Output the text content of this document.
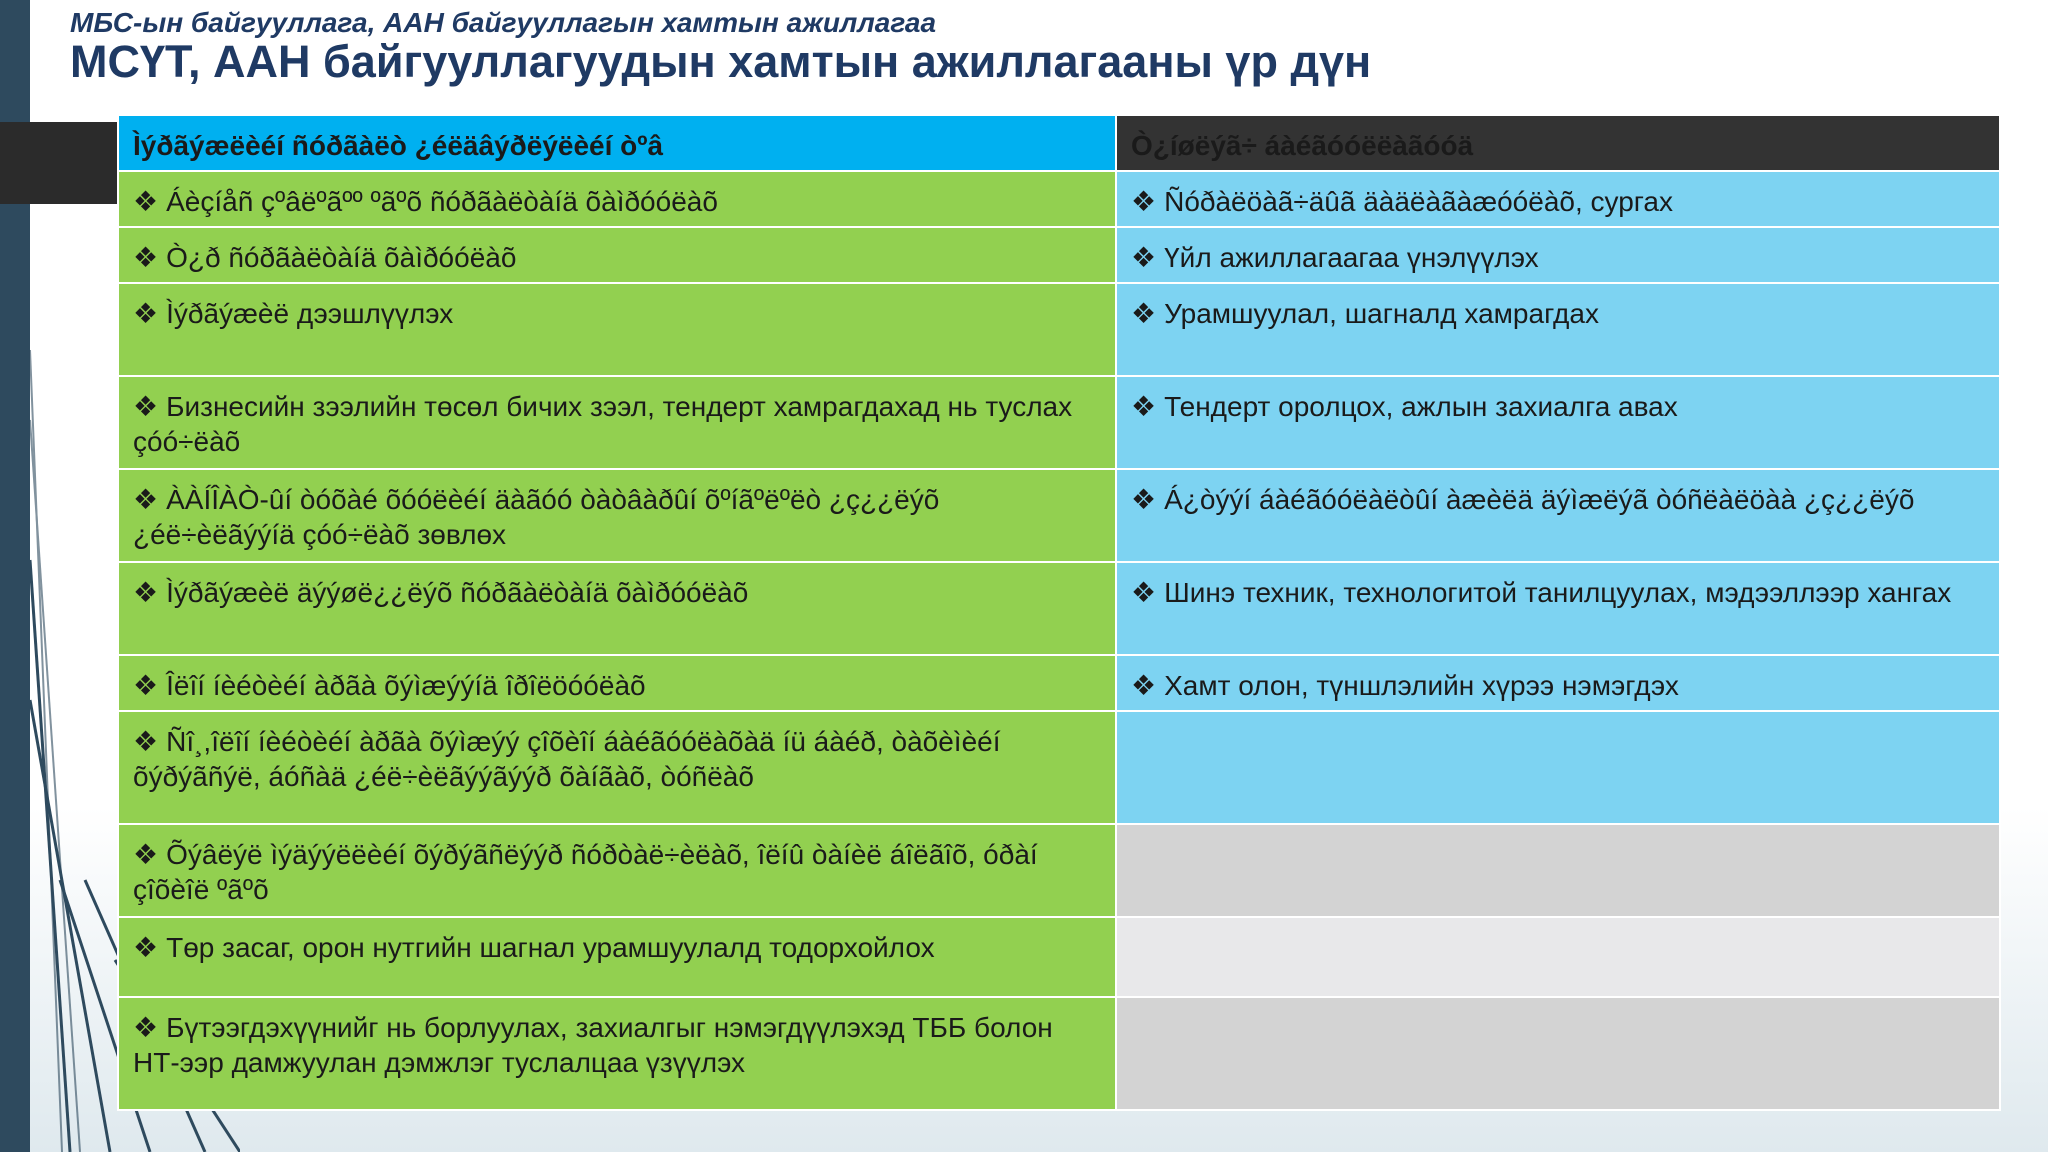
МБС-ын байгууллага, ААН байгууллагын хамтын ажиллагаа
МСҮТ, ААН байгууллагуудын хамтын ажиллагааны үр дүн
Ìýðãýæëèéí ñóðãàëò ¿éëäâýðëýëèéí òºâ	Ò¿íøëýã÷ áàéãóóëëàãóóä
❖ Áèçíåñ çºâëºãºº ºãºõ ñóðãàëòàíä õàìðóóëàõ	❖ Ñóðàëöàã÷äûã äàäëàãàæóóëàõ, сургах
❖ Ò¿ð ñóðãàëòàíä õàìðóóëàõ	❖ Үйл ажиллагаагаа үнэлүүлэх
❖ Ìýðãýæèë дээшлүүлэх	❖ Урамшуулал, шагналд хамрагдах
❖ Бизнесийн зээлийн төсөл бичих зээл, тендерт хамрагдахад нь туслах çóó÷ëàõ	❖ Тендерт оролцох, ажлын захиалга авах
❖ ÀÀÍÎÀÒ-ûí òóõàé õóóëèéí äàãóó òàòâàðûí õºíãºëºëò ¿ç¿¿ëýõ ¿éë÷èëãýýíä çóó÷ëàõ зөвлөх	❖ Á¿òýýí áàéãóóëàëòûí àæèëä äýìæëýã òóñëàëöàà ¿ç¿¿ëýõ
❖ Ìýðãýæèë äýýøë¿¿ëýõ ñóðãàëòàíä õàìðóóëàõ	❖ Шинэ техник, технологитой танилцуулах, мэдээллээр хангах
❖ Îëîí íèéòèéí àðãà õýìæýýíä îðîëöóóëàõ	❖ Хамт олон, түншлэлийн хүрээ нэмэгдэх
❖ Ñî¸,îëîí íèéòèéí àðãà õýìæýý çîõèîí áàéãóóëàõàä íü áàéð, òàõèìèéí õýðýãñýë, áóñàä ¿éë÷èëãýýãýýð õàíãàõ, òóñëàõ	
❖ Õýâëýë ìýäýýëëèéí õýðýãñëýýð ñóðòàë÷èëàõ, îëíû òàíèë áîëãîõ, óðàí çîõèîë ºãºõ	
❖ Төр засаг, орон нутгийн шагнал урамшуулалд тодорхойлох	
❖ Бүтээгдэхүүнийг нь борлуулах, захиалгыг нэмэгдүүлэхэд ТББ болон НТ-ээр дамжуулан дэмжлэг туслалцаа үзүүлэх	
